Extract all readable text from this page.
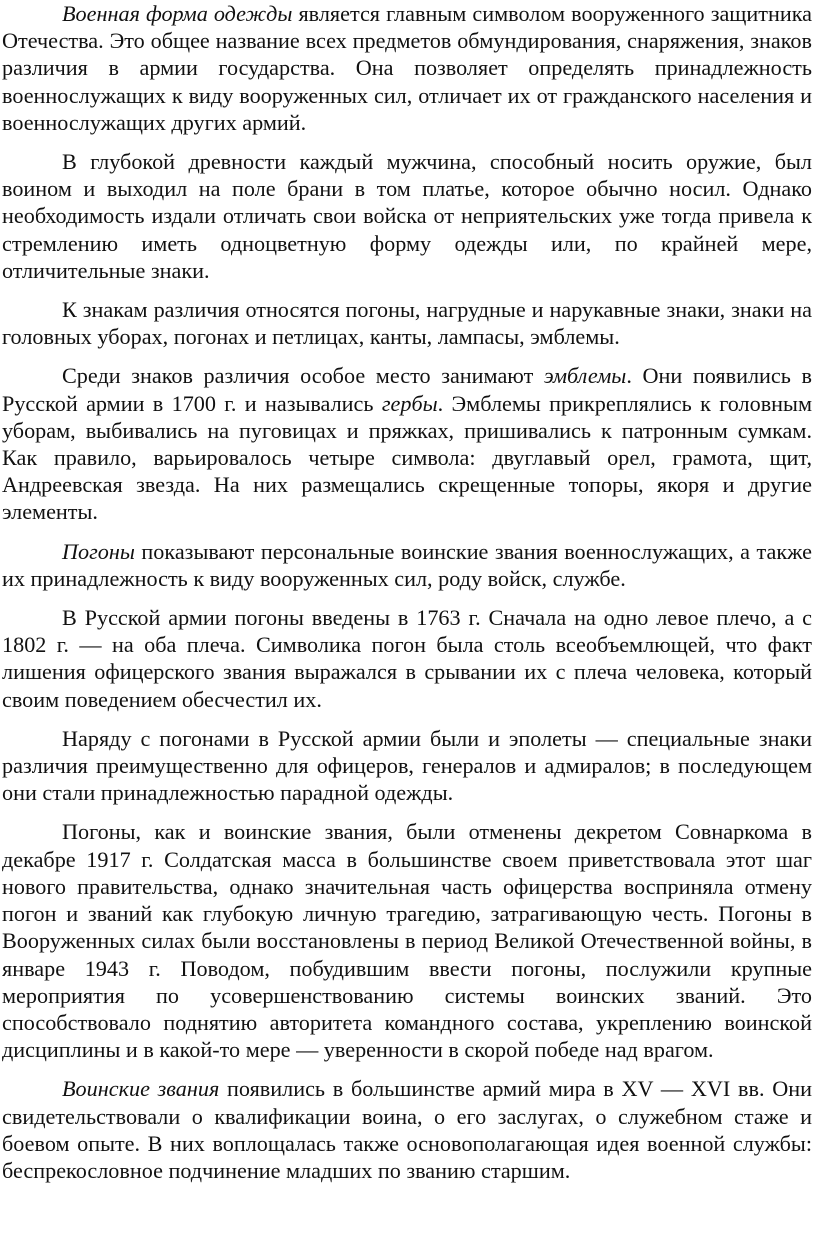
Военная форма одежды является главным символом вооруженного защитника Отечества. Это общее название всех предметов обмундирования, снаряжения, знаков различия в армии государства. Она позволяет определять принадлежность военнослужащих к виду вооруженных сил, отличает их от гражданского населения и военнослужащих других армий.

В глубокой древности каждый мужчина, способный носить оружие, был воином и выходил на поле брани в том платье, которое обычно носил. Однако необходимость издали отличать свои войска от неприятельских уже тогда привела к стремлению иметь одноцветную форму одежды или, по крайней мере, отличительные знаки.

К знакам различия относятся погоны, нагрудные и нарукавные знаки, знаки на головных уборах, погонах и петлицах, канты, лампасы, эмблемы.

Среди знаков различия особое место занимают эмблемы. Они появились в Русской армии в 1700 г. и назывались гербы. Эмблемы прикреплялись к головным уборам, выбивались на пуговицах и пряжках, пришивались к патронным сумкам. Как правило, варьировалось четыре символа: двуглавый орел, грамота, щит, Андреевская звезда. На них размещались скрещенные топоры, якоря и другие элементы.

Погоны показывают персональные воинские звания военнослужащих, а также их принадлежность к виду вооруженных сил, роду войск, службе.

В Русской армии погоны введены в 1763 г. Сначала на одно левое плечо, а с 1802 г. — на оба плеча. Символика погон была столь всеобъемлющей, что факт лишения офицерского звания выражался в срывании их с плеча человека, который своим поведением обесчестил их.

Наряду с погонами в Русской армии были и эполеты — специальные знаки различия преимущественно для офицеров, генералов и адмиралов; в последующем они стали принадлежностью парадной одежды.

Погоны, как и воинские звания, были отменены декретом Совнаркома в декабре 1917 г. Солдатская масса в большинстве своем приветствовала этот шаг нового правительства, однако значительная часть офицерства восприняла отмену погон и званий как глубокую личную трагедию, затрагивающую честь. Погоны в Вооруженных силах были восстановлены в период Великой Отечественной войны, в январе 1943 г. Поводом, побудившим ввести погоны, послужили крупные мероприятия по усовершенствованию системы воинских званий. Это способствовало поднятию авторитета командного состава, укреплению воинской дисциплины и в какой-то мере — уверенности в скорой победе над врагом.

Воинские звания появились в большинстве армий мира в XV — XVI вв. Они свидетельствовали о квалификации воина, о его заслугах, о служебном стаже и боевом опыте. В них воплощалась также основополагающая идея военной службы: беспрекословное подчинение младших по званию старшим.
